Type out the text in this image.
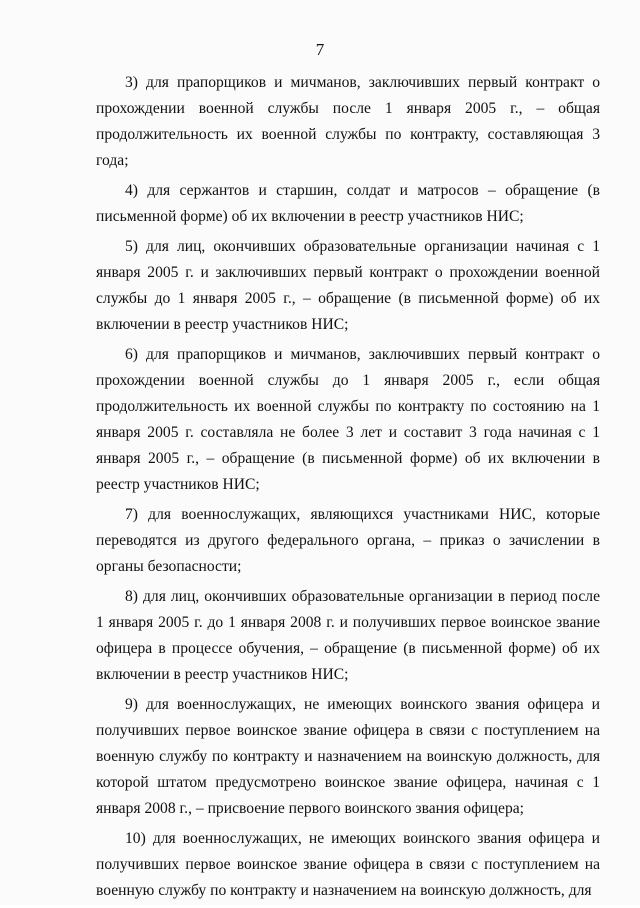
7

3) для прапорщиков и мичманов, заключивших первый контракт о прохождении военной службы после 1 января 2005 г., – общая продолжительность их военной службы по контракту, составляющая 3 года;

4) для сержантов и старшин, солдат и матросов – обращение (в письменной форме) об их включении в реестр участников НИС;

5) для лиц, окончивших образовательные организации начиная с 1 января 2005 г. и заключивших первый контракт о прохождении военной службы до 1 января 2005 г., – обращение (в письменной форме) об их включении в реестр участников НИС;

6) для прапорщиков и мичманов, заключивших первый контракт о прохождении военной службы до 1 января 2005 г., если общая продолжительность их военной службы по контракту по состоянию на 1 января 2005 г. составляла не более 3 лет и составит 3 года начиная с 1 января 2005 г., – обращение (в письменной форме) об их включении в реестр участников НИС;

7) для военнослужащих, являющихся участниками НИС, которые переводятся из другого федерального органа, – приказ о зачислении в органы безопасности;

8) для лиц, окончивших образовательные организации в период после 1 января 2005 г. до 1 января 2008 г. и получивших первое воинское звание офицера в процессе обучения, – обращение (в письменной форме) об их включении в реестр участников НИС;

9) для военнослужащих, не имеющих воинского звания офицера и получивших первое воинское звание офицера в связи с поступлением на военную службу по контракту и назначением на воинскую должность, для которой штатом предусмотрено воинское звание офицера, начиная с 1 января 2008 г., – присвоение первого воинского звания офицера;

10) для военнослужащих, не имеющих воинского звания офицера и получивших первое воинское звание офицера в связи с поступлением на военную службу по контракту и назначением на воинскую должность, для
